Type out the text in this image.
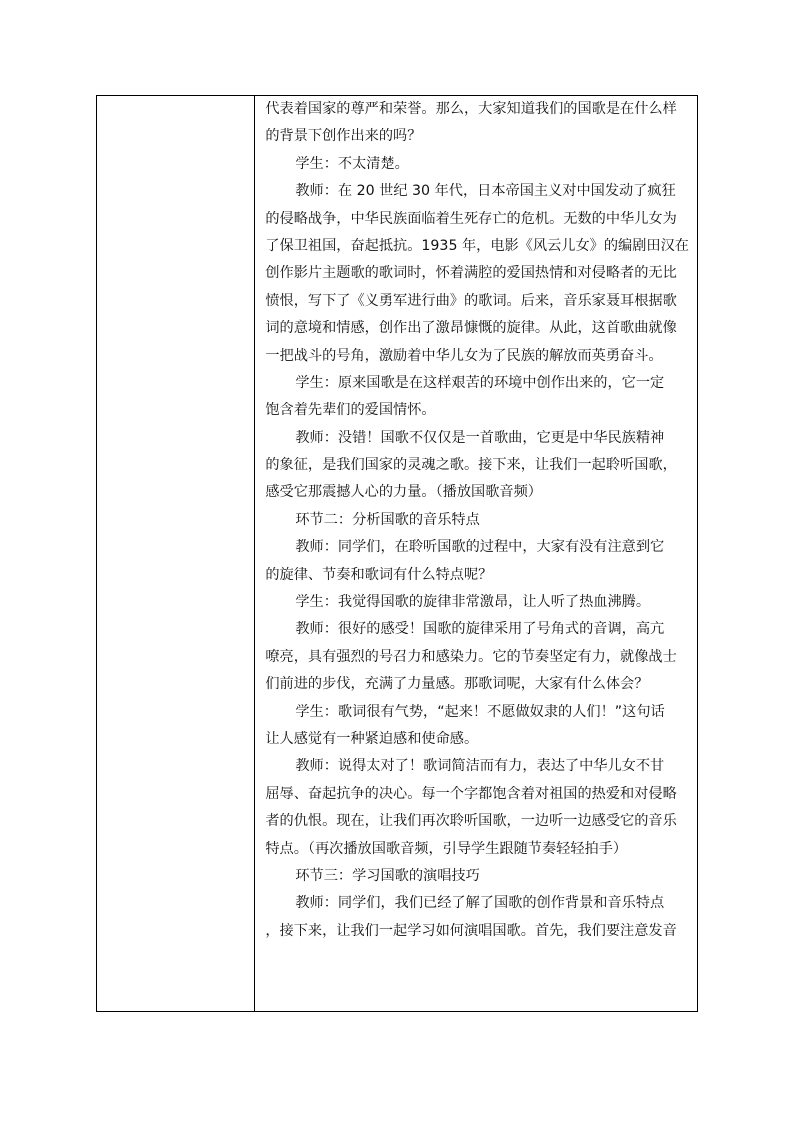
代表着国家的尊严和荣誉。那么，大家知道我们的国歌是在什么样
的背景下创作出来的吗？
学生：不太清楚。
教师：在 20 世纪 30 年代，日本帝国主义对中国发动了疯狂
的侵略战争，中华民族面临着生死存亡的危机。无数的中华儿女为
了保卫祖国，奋起抵抗。1935 年，电影《风云儿女》的编剧田汉在
创作影片主题歌的歌词时，怀着满腔的爱国热情和对侵略者的无比
愤恨，写下了《义勇军进行曲》的歌词。后来，音乐家聂耳根据歌
词的意境和情感，创作出了激昂慷慨的旋律。从此，这首歌曲就像
一把战斗的号角，激励着中华儿女为了民族的解放而英勇奋斗。
学生：原来国歌是在这样艰苦的环境中创作出来的，它一定
饱含着先辈们的爱国情怀。
教师：没错！国歌不仅仅是一首歌曲，它更是中华民族精神
的象征，是我们国家的灵魂之歌。接下来，让我们一起聆听国歌，
感受它那震撼人心的力量。（播放国歌音频）
环节二：分析国歌的音乐特点
教师：同学们，在聆听国歌的过程中，大家有没有注意到它
的旋律、节奏和歌词有什么特点呢？
学生：我觉得国歌的旋律非常激昂，让人听了热血沸腾。
教师：很好的感受！国歌的旋律采用了号角式的音调，高亢
嘹亮，具有强烈的号召力和感染力。它的节奏坚定有力，就像战士
们前进的步伐，充满了力量感。那歌词呢，大家有什么体会？
学生：歌词很有气势，“起来！不愿做奴隶的人们！”这句话
让人感觉有一种紧迫感和使命感。
教师：说得太对了！歌词简洁而有力，表达了中华儿女不甘
屈辱、奋起抗争的决心。每一个字都饱含着对祖国的热爱和对侵略
者的仇恨。现在，让我们再次聆听国歌，一边听一边感受它的音乐
特点。（再次播放国歌音频，引导学生跟随节奏轻轻拍手）
环节三：学习国歌的演唱技巧
教师：同学们，我们已经了解了国歌的创作背景和音乐特点
，接下来，让我们一起学习如何演唱国歌。首先，我们要注意发音
